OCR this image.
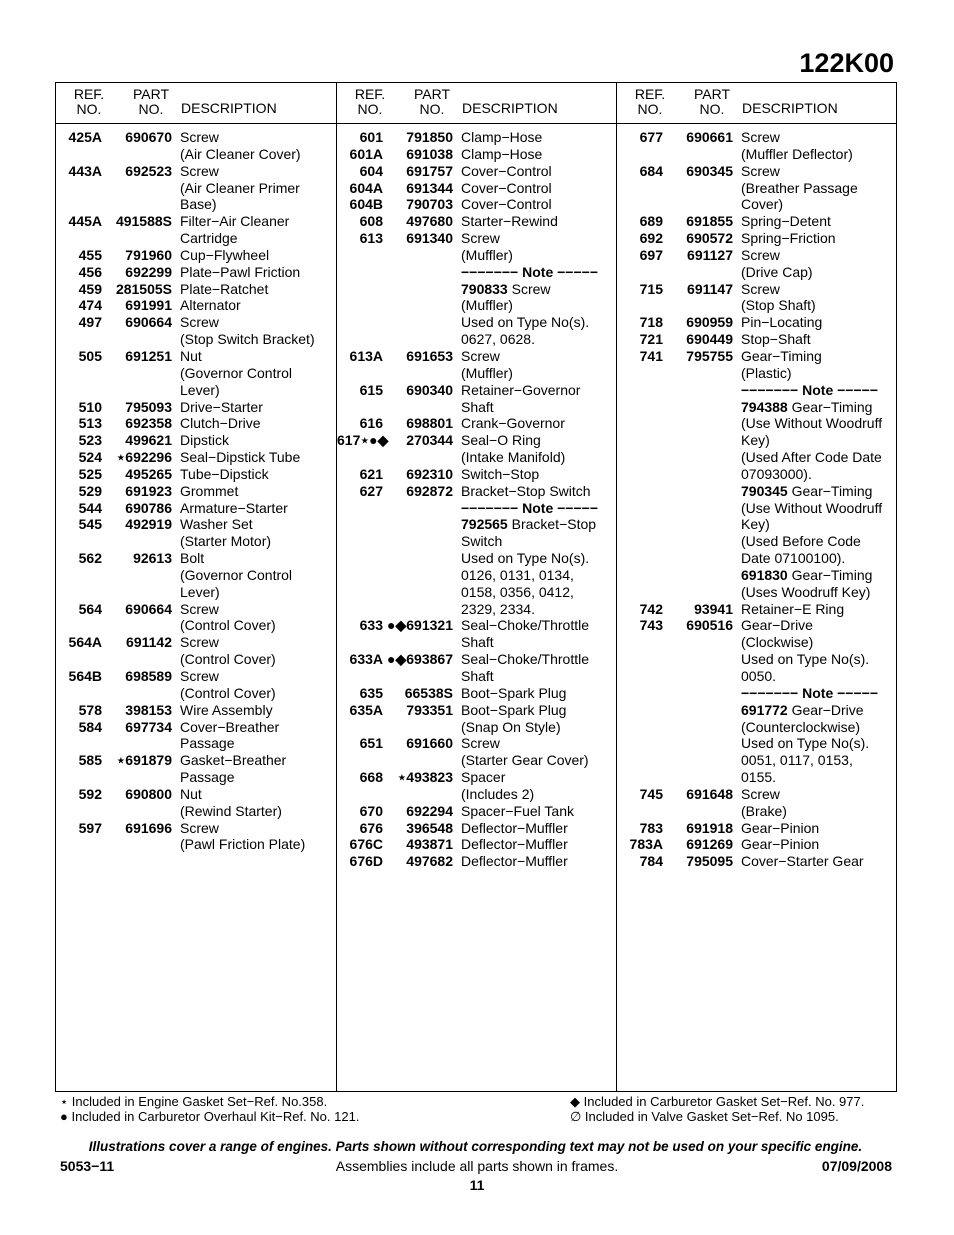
122K00
REF.
NO.
PART
NO.	DESCRIPTION
425A	690670 Screw
(Air Cleaner Cover)
443A	692523 Screw
(Air Cleaner Primer
Base)
445A 491588S Filter−Air Cleaner
Cartridge
455	791960 Cup−Flywheel
456	692299 Plate−Pawl Friction
459 281505S Plate−Ratchet
474	691991 Alternator
497	690664 Screw
(Stop Switch Bracket)
505	691251 Nut
(Governor Control
Lever)
510	795093 Drive−Starter
513	692358 Clutch−Drive
523	499621 Dipstick
524	⋆692296 Seal−Dipstick Tube
525	495265 Tube−Dipstick
529	691923 Grommet
544	690786 Armature−Starter
545	492919 Washer Set
(Starter Motor)
562	92613 Bolt
(Governor Control
Lever)
564	690664 Screw
(Control Cover)
564A	691142 Screw
(Control Cover)
564B	698589 Screw
(Control Cover)
578	398153 Wire Assembly
584	697734 Cover−Breather
Passage
585	⋆691879 Gasket−Breather
Passage
592	690800 Nut
(Rewind Starter)
597	691696 Screw
(Pawl Friction Plate)
REF.
NO.
PART
NO.	DESCRIPTION
601	791850 Clamp−Hose
601A	691038 Clamp−Hose
604	691757 Cover−Control
604A	691344 Cover−Control
604B	790703 Cover−Control
608	497680 Starter−Rewind
613	691340 Screw
(Muffler)
−−−−−−− Note −−−−−
790833 Screw
(Muffler)
Used on Type No(s).
0627, 0628.
613A	691653 Screw
(Muffler)
615	690340 Retainer−Governor
Shaft
616	698801 Crank−Governor
617⋆●◆	270344 Seal−O Ring
(Intake Manifold)
621	692310 Switch−Stop
627	692872 Bracket−Stop Switch
−−−−−−− Note −−−−−
792565 Bracket−Stop
Switch
Used on Type No(s).
0126, 0131, 0134,
0158, 0356, 0412,
2329, 2334.
633 ●◆691321 Seal−Choke/Throttle
Shaft
633A ●◆693867 Seal−Choke/Throttle
Shaft
635	66538S Boot−Spark Plug
635A	793351 Boot−Spark Plug
(Snap On Style)
651	691660 Screw
(Starter Gear Cover)
668	⋆493823 Spacer
(Includes 2)
670	692294 Spacer−Fuel Tank
676	396548 Deflector−Muffler
676C	493871 Deflector−Muffler
676D	497682 Deflector−Muffler
REF.
NO.
PART
NO.	DESCRIPTION
677	690661 Screw
(Muffler Deflector)
684	690345 Screw
(Breather Passage
Cover)
689	691855 Spring−Detent
692	690572 Spring−Friction
697	691127 Screw
(Drive Cap)
715	691147 Screw
(Stop Shaft)
718	690959 Pin−Locating
721	690449 Stop−Shaft
741	795755 Gear−Timing
(Plastic)
−−−−−−− Note −−−−−
794388 Gear−Timing
(Use Without Woodruff
Key)
(Used After Code Date
07093000).
790345 Gear−Timing
(Use Without Woodruff
Key)
(Used Before Code
Date 07100100).
691830 Gear−Timing
(Uses Woodruff Key)
742	93941 Retainer−E Ring
743	690516 Gear−Drive
(Clockwise)
Used on Type No(s).
0050.
−−−−−−− Note −−−−−
691772 Gear−Drive
(Counterclockwise)
Used on Type No(s).
0051, 0117, 0153,
0155.
745	691648 Screw
(Brake)
783	691918 Gear−Pinion
783A	691269 Gear−Pinion
784	795095 Cover−Starter Gear
⋆ Included in Engine Gasket Set−Ref. No.358.
● Included in Carburetor Overhaul Kit−Ref. No. 121.
◆ Included in Carburetor Gasket Set−Ref. No. 977.
∅ Included in Valve Gasket Set−Ref. No 1095.
Illustrations cover a range of engines. Parts shown without corresponding text may not be used on your specific engine.
5053−11	Assemblies include all parts shown in frames.	07/09/2008
11
